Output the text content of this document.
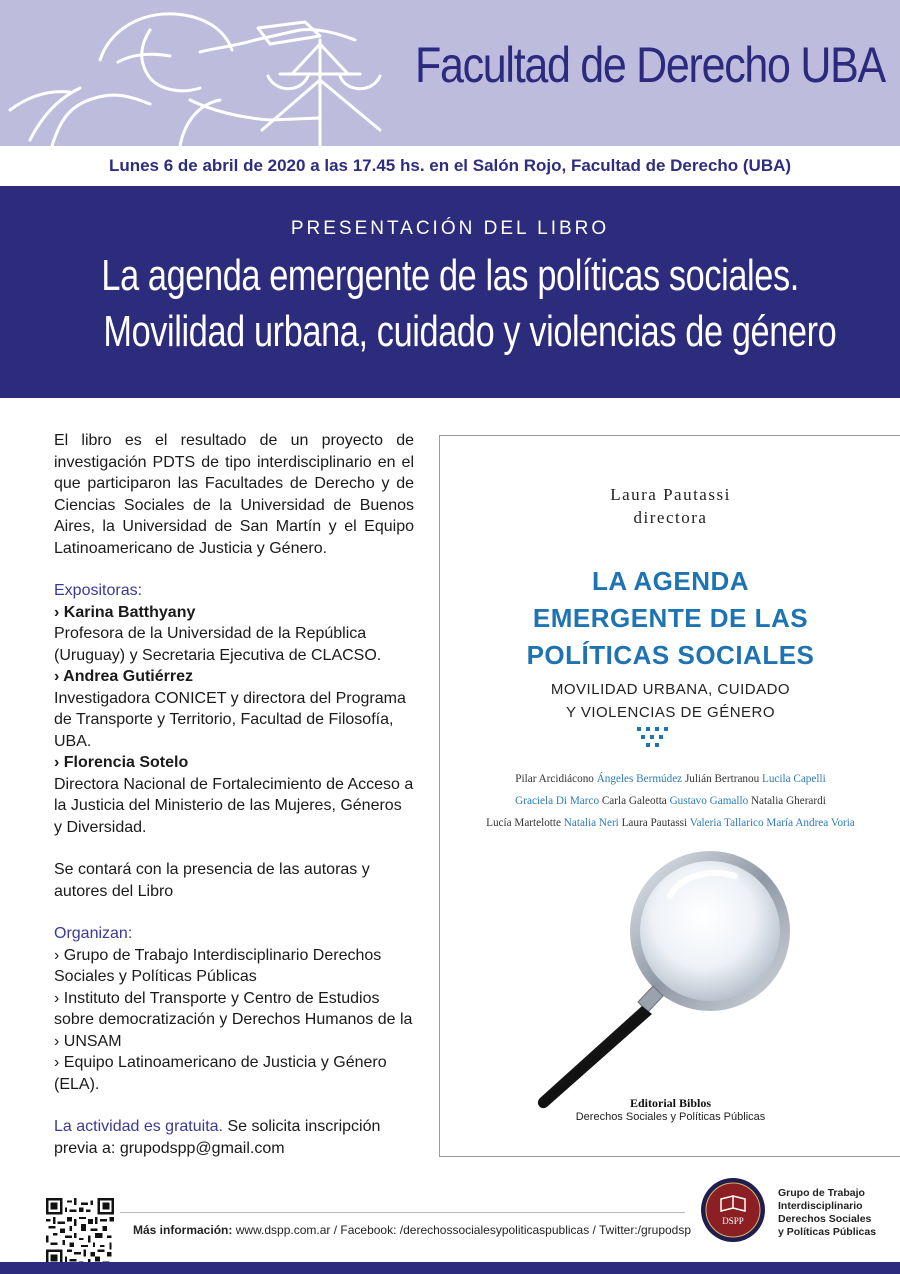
Facultad de Derecho UBA
Lunes 6 de abril de 2020 a las 17.45 hs. en el Salón Rojo, Facultad de Derecho (UBA)
PRESENTACIÓN DEL LIBRO
La agenda emergente de las políticas sociales.
Movilidad urbana, cuidado y violencias de género

El libro es el resultado de un proyecto de investigación PDTS de tipo interdisciplinario en el que participaron las Facultades de Derecho y de Ciencias Sociales de la Universidad de Buenos Aires, la Universidad de San Martín y el Equipo Latinoamericano de Justicia y Género.

Expositoras:

› Karina Batthyany

Profesora de la Universidad de la República (Uruguay) y Secretaria Ejecutiva de CLACSO.

› Andrea Gutiérrez

Investigadora CONICET y directora del Programa de Transporte y Territorio, Facultad de Filosofía, UBA.

› Florencia Sotelo

Directora Nacional de Fortalecimiento de Acceso a la Justicia del Ministerio de las Mujeres, Géneros y Diversidad.

Se contará con la presencia de las autoras y autores del Libro

Organizan:

› Grupo de Trabajo Interdisciplinario Derechos Sociales y Políticas Públicas

› Instituto del Transporte y Centro de Estudios sobre democratización y Derechos Humanos de la › UNSAM

› Equipo Latinoamericano de Justicia y Género (ELA).

La actividad es gratuita. Se solicita inscripción previa a: grupodspp@gmail.com

Laura Pautassi
directora
LA AGENDA
EMERGENTE DE LAS
POLÍTICAS SOCIALES
MOVILIDAD URBANA, CUIDADO
Y VIOLENCIAS DE GÉNERO
Pilar Arcidiácono Ángeles Bermúdez Julián Bertranou Lucila Capelli
Graciela Di Marco Carla Galeotta Gustavo Gamallo Natalia Gherardi
Lucía Martelotte Natalia Neri Laura Pautassi Valeria Tallarico María Andrea Voria
Editorial Biblos
Derechos Sociales y Políticas Públicas
Más información: www.dspp.com.ar / Facebook: /derechossocialesypoliticaspublicas / Twitter:/grupodsp
DSPP
Grupo de Trabajo
Interdisciplinario
Derechos Sociales
y Políticas Públicas
